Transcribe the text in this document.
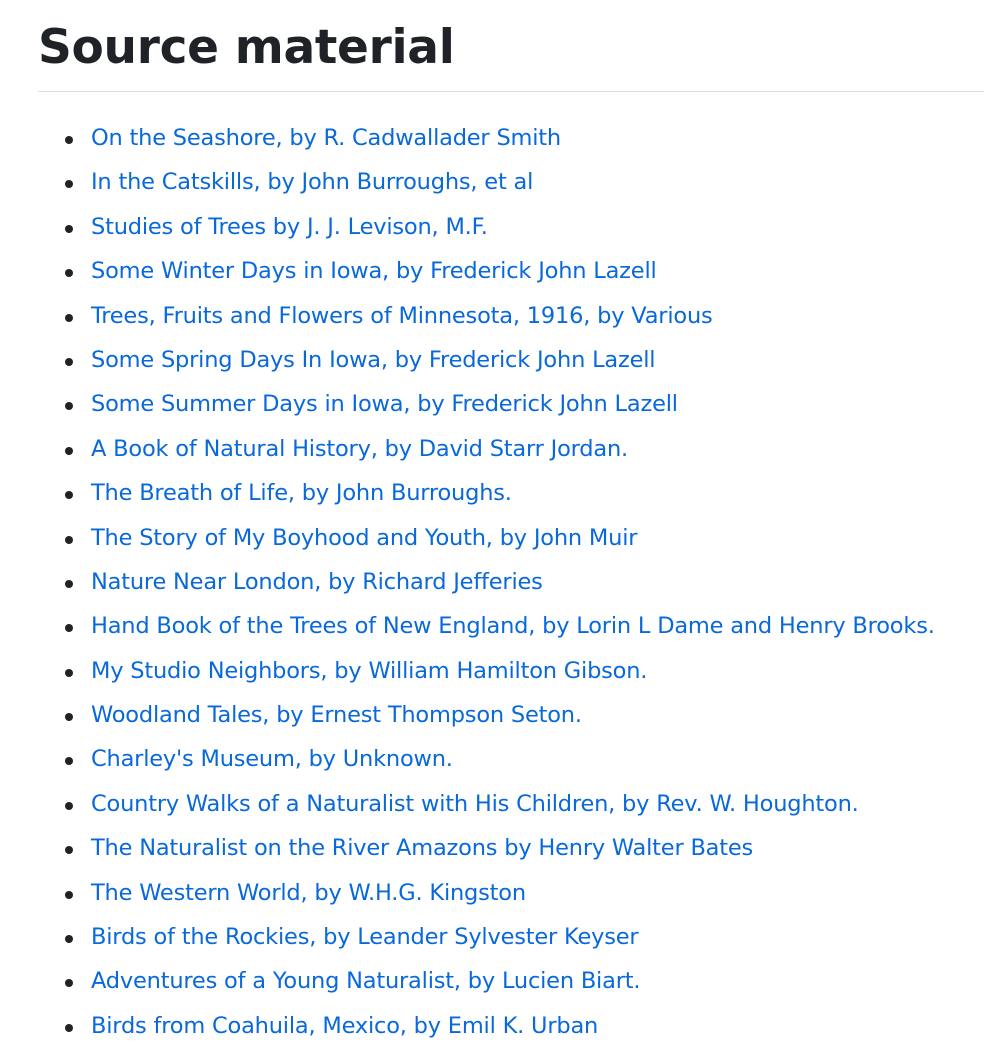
Source material
On the Seashore, by R. Cadwallader Smith
In the Catskills, by John Burroughs, et al
Studies of Trees by J. J. Levison, M.F.
Some Winter Days in Iowa, by Frederick John Lazell
Trees, Fruits and Flowers of Minnesota, 1916, by Various
Some Spring Days In Iowa, by Frederick John Lazell
Some Summer Days in Iowa, by Frederick John Lazell
A Book of Natural History, by David Starr Jordan.
The Breath of Life, by John Burroughs.
The Story of My Boyhood and Youth, by John Muir
Nature Near London, by Richard Jefferies
Hand Book of the Trees of New England, by Lorin L Dame and Henry Brooks.
My Studio Neighbors, by William Hamilton Gibson.
Woodland Tales, by Ernest Thompson Seton.
Charley's Museum, by Unknown.
Country Walks of a Naturalist with His Children, by Rev. W. Houghton.
The Naturalist on the River Amazons by Henry Walter Bates
The Western World, by W.H.G. Kingston
Birds of the Rockies, by Leander Sylvester Keyser
Adventures of a Young Naturalist, by Lucien Biart.
Birds from Coahuila, Mexico, by Emil K. Urban
